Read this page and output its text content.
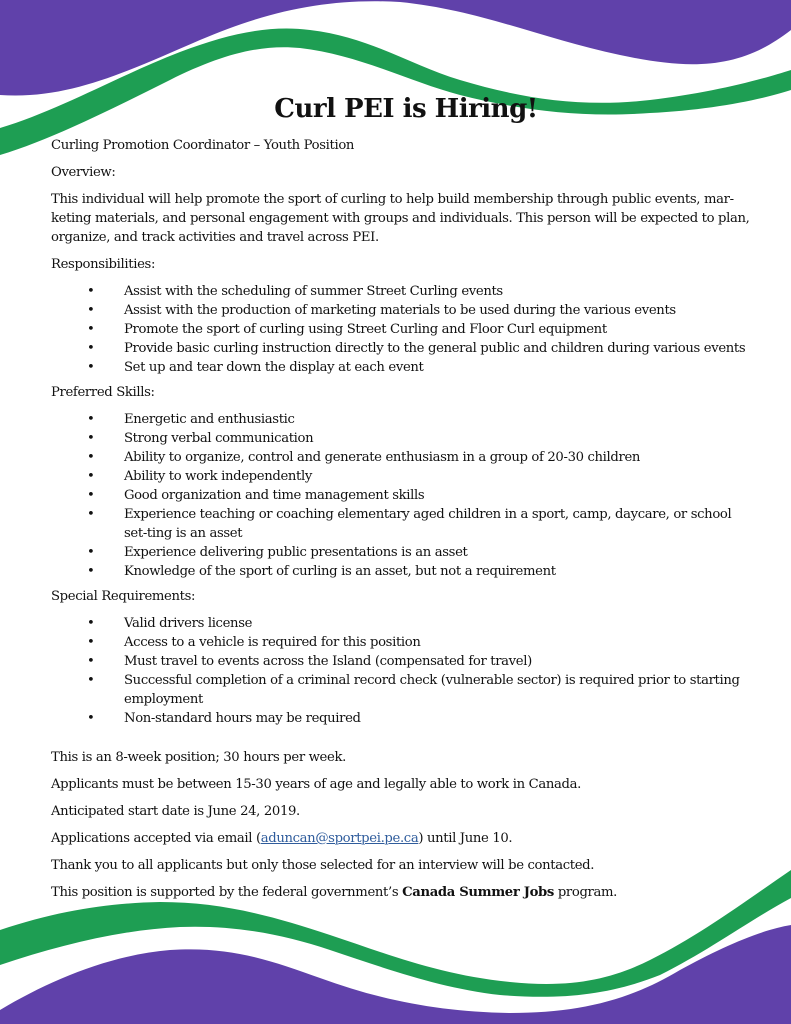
Curl PEI is Hiring!

Curling Promotion Coordinator – Youth Position

Overview:

This individual will help promote the sport of curling to help build membership through public events, mar-keting materials, and personal engagement with groups and individuals. This person will be expected to plan, organize, and track activities and travel across PEI.

Responsibilities:

• Assist with the scheduling of summer Street Curling events
• Assist with the production of marketing materials to be used during the various events
• Promote the sport of curling using Street Curling and Floor Curl equipment
• Provide basic curling instruction directly to the general public and children during various events
• Set up and tear down the display at each event

Preferred Skills:

• Energetic and enthusiastic
• Strong verbal communication
• Ability to organize, control and generate enthusiasm in a group of 20-30 children
• Ability to work independently
• Good organization and time management skills
• Experience teaching or coaching elementary aged children in a sport, camp, daycare, or school set-ting is an asset
• Experience delivering public presentations is an asset
• Knowledge of the sport of curling is an asset, but not a requirement

Special Requirements:

• Valid drivers license
• Access to a vehicle is required for this position
• Must travel to events across the Island (compensated for travel)
• Successful completion of a criminal record check (vulnerable sector) is required prior to starting employment
• Non-standard hours may be required

This is an 8-week position; 30 hours per week.

Applicants must be between 15-30 years of age and legally able to work in Canada.

Anticipated start date is June 24, 2019.

Applications accepted via email (aduncan@sportpei.pe.ca) until June 10.

Thank you to all applicants but only those selected for an interview will be contacted.

This position is supported by the federal government’s Canada Summer Jobs program.
